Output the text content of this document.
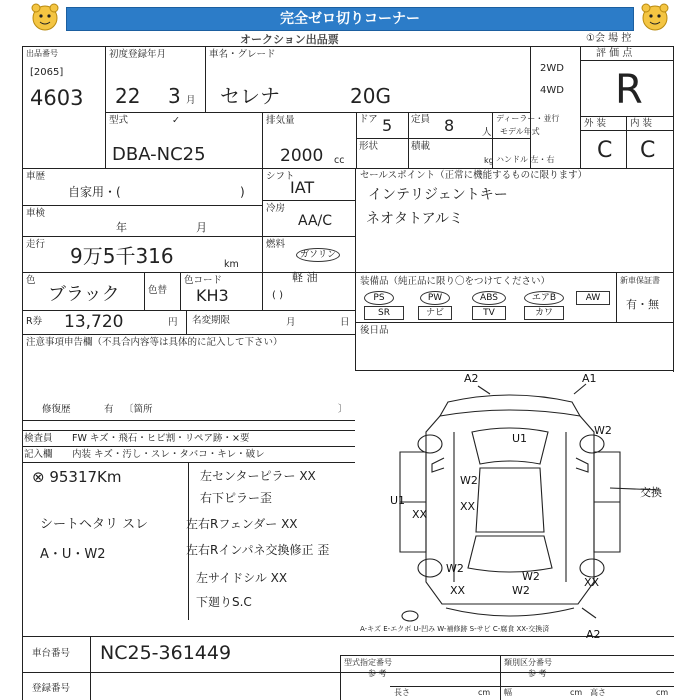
完全ゼロ切りコーナー
オークション出品票	①会 場 控
出品番号
[2065]
4603
初度登録年月
22 3 月
車名・グレード
セレナ	20G
2WD
4WD
評 価 点
R
外 装	内 装
C C
型式	✓
DBA-NC25
排気量
2000 cc
ドア 5 定員 8	人
ディーラー・並行
モデル年式
形状	積載
kg ハンドル 左・右
車歴
自家用・(	)
車検
年	月
走行 9万5千316	km
シフト
IAT
冷房
AA/C
燃料
ガソリン
軽 油
( )
色
ブラック	色替
色コード
KH3
R券 13,720	円 名変期限	月	日
注意事項申告欄（不具合内容等は具体的に記入して下さい）
修復歴	有 〔箇所	〕
検査員 FW キズ・飛石・ヒビ割・リペア跡・×要
記入欄 内装 キズ・汚し・スレ・タバコ・キレ・破レ
⊗ 95317Km
シートヘタリ スレ
A・U・W2
左センターピラー XX
右下ピラー歪
左右Rフェンダー XX
左右Rインパネ交換修正 歪
左サイドシル XX
下廻りS.C
セールスポイント（正常に機能するものに限ります）
インテリジェントキー
ネオタトアルミ
装備品（純正品に限り〇をつけてください）	新車保証書
PS	PW	ABS	エアB	AW
SR	ナビ	TV	カワ
有・無
後日品
A2	A1
U1
W2
W2
U1
XX
XX
W2
W2	XX
W2
A2
XX
交換
A-キズ E-エクボ U-凹み W-補修跡 S-サビ C-腐食 XX-交換済
車台番号 NC25-361449
登録番号
型式指定番号
参 考
類別区分番号
参 考
長さ	cm 幅	cm 高さ	cm
